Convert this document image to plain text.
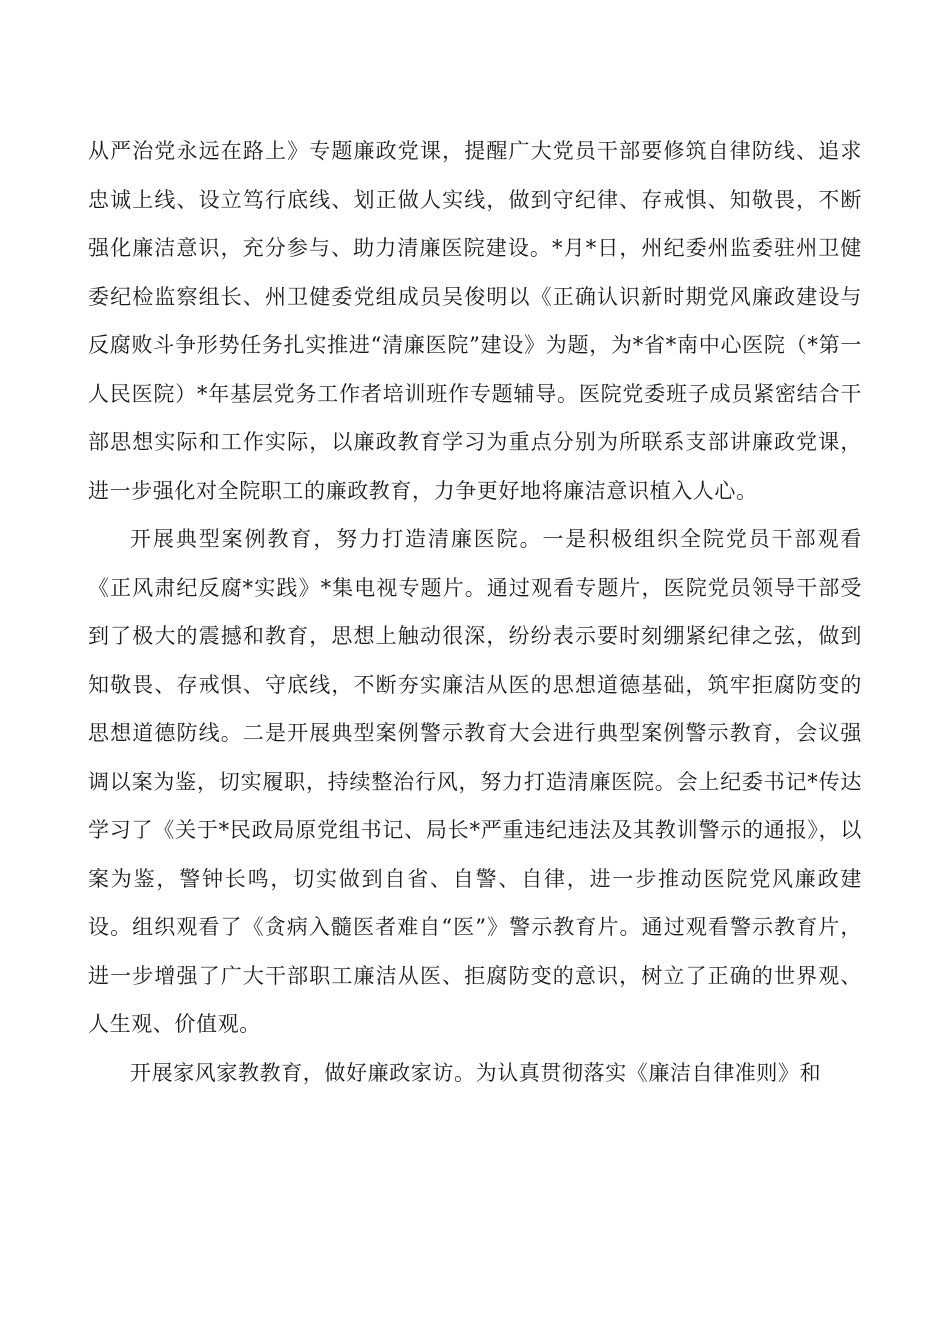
从严治党永远在路上》专题廉政党课，提醒广大党员干部要修筑自律防线、追求忠诚上线、设立笃行底线、划正做人实线，做到守纪律、存戒惧、知敬畏，不断强化廉洁意识，充分参与、助力清廉医院建设。*月*日，州纪委州监委驻州卫健委纪检监察组长、州卫健委党组成员吴俊明以《正确认识新时期党风廉政建设与反腐败斗争形势任务扎实推进“清廉医院”建设》为题，为*省*南中心医院（*第一人民医院）*年基层党务工作者培训班作专题辅导。医院党委班子成员紧密结合干部思想实际和工作实际，以廉政教育学习为重点分别为所联系支部讲廉政党课，进一步强化对全院职工的廉政教育，力争更好地将廉洁意识植入人心。

开展典型案例教育，努力打造清廉医院。一是积极组织全院党员干部观看《正风肃纪反腐*实践》*集电视专题片。通过观看专题片，医院党员领导干部受到了极大的震撼和教育，思想上触动很深，纷纷表示要时刻绷紧纪律之弦，做到知敬畏、存戒惧、守底线，不断夯实廉洁从医的思想道德基础，筑牢拒腐防变的思想道德防线。二是开展典型案例警示教育大会进行典型案例警示教育，会议强调以案为鉴，切实履职，持续整治行风，努力打造清廉医院。会上纪委书记*传达学习了《关于*民政局原党组书记、局长*严重违纪违法及其教训警示的通报》，以案为鉴，警钟长鸣，切实做到自省、自警、自律，进一步推动医院党风廉政建设。组织观看了《贪病入髓医者难自“医”》警示教育片。通过观看警示教育片，进一步增强了广大干部职工廉洁从医、拒腐防变的意识，树立了正确的世界观、人生观、价值观。

开展家风家教教育，做好廉政家访。为认真贯彻落实《廉洁自律准则》和
